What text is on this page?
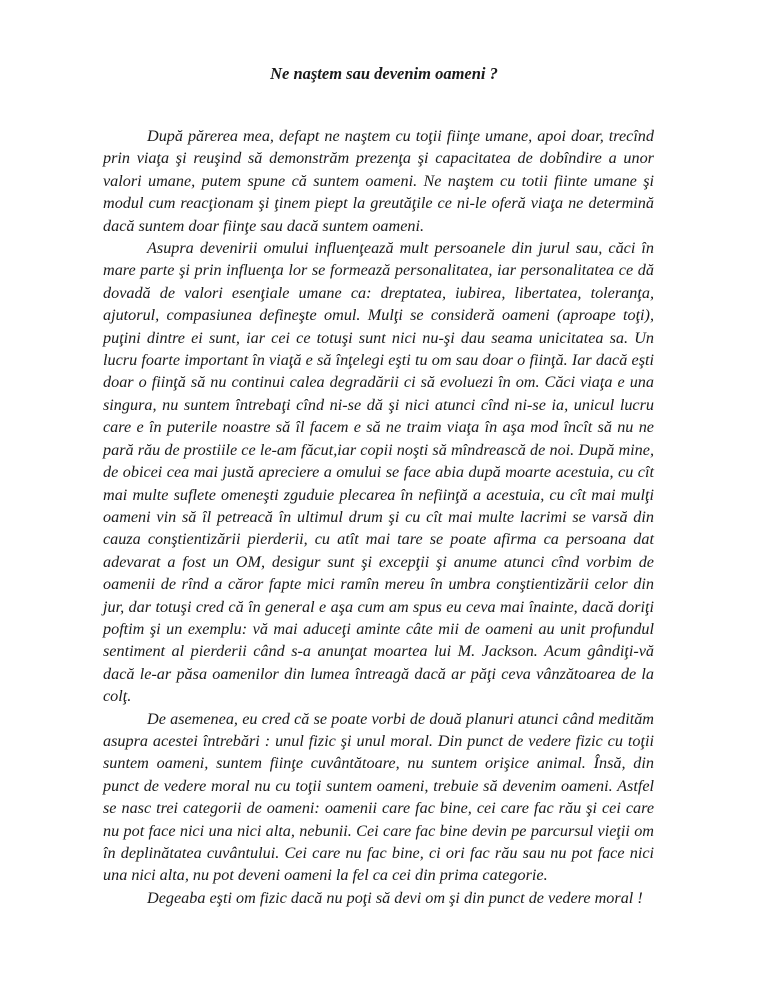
Ne naştem sau devenim oameni ?

După părerea mea, defapt ne naştem cu toţii fiinţe umane, apoi doar, trecînd prin viaţa şi reuşind să demonstrăm prezenţa şi capacitatea de dobîndire a unor valori umane, putem spune că suntem oameni. Ne naştem cu totii fiinte umane şi modul cum reacţionam şi ţinem piept la greutăţile ce ni-le oferă viaţa ne determină dacă suntem doar fiinţe sau dacă suntem oameni.

Asupra devenirii omului influenţează mult persoanele din jurul sau, căci în mare parte şi prin influenţa lor se formează personalitatea, iar personalitatea ce dă dovadă de valori esenţiale umane ca: dreptatea, iubirea, libertatea, toleranţa, ajutorul, compasiunea defineşte omul. Mulţi se consideră oameni (aproape toţi), puţini dintre ei sunt, iar cei ce totuşi sunt nici nu-şi dau seama unicitatea sa. Un lucru foarte important în viaţă e să înţelegi eşti tu om sau doar o fiinţă. Iar dacă eşti doar o fiinţă să nu continui calea degradării ci să evoluezi în om. Căci viaţa e una singura, nu suntem întrebaţi cînd ni-se dă şi nici atunci cînd ni-se ia, unicul lucru care e în puterile noastre să îl facem e să ne traim viaţa în aşa mod încît să nu ne pară rău de prostiile ce le-am făcut,iar copii noşti să mîndrească de noi. După mine, de obicei cea mai justă apreciere a omului se face abia după moarte acestuia, cu cît mai multe suflete omeneşti zguduie plecarea în nefiinţă a acestuia, cu cît mai mulţi oameni vin să îl petreacă în ultimul drum şi cu cît mai multe lacrimi se varsă din cauza conştientizării pierderii, cu atît mai tare se poate afirma ca persoana dat adevarat a fost un OM, desigur sunt şi excepţii şi anume atunci cînd vorbim de oamenii de rînd a căror fapte mici ramîn mereu în umbra conştientizării celor din jur, dar totuşi cred că în general e aşa cum am spus eu ceva mai înainte, dacă doriţi poftim şi un exemplu: vă mai aduceţi aminte câte mii de oameni au unit profundul sentiment al pierderii când s-a anunţat moartea lui M. Jackson. Acum gândiţi-vă dacă le-ar păsa oamenilor din lumea întreagă dacă ar păţi ceva vânzătoarea de la colţ.

De asemenea, eu cred că se poate vorbi de două planuri atunci când medităm asupra acestei întrebări : unul fizic şi unul moral. Din punct de vedere fizic cu toţii suntem oameni, suntem fiinţe cuvântătoare, nu suntem orişice animal. Însă, din punct de vedere moral nu cu toţii suntem oameni, trebuie să devenim oameni. Astfel se nasc trei categorii de oameni: oamenii care fac bine, cei care fac rău şi cei care nu pot face nici una nici alta, nebunii. Cei care fac bine devin pe parcursul vieţii om în deplinătatea cuvântului. Cei care nu fac bine, ci ori fac rău sau nu pot face nici una nici alta, nu pot deveni oameni la fel ca cei din prima categorie.

Degeaba eşti om fizic dacă nu poţi să devi om şi din punct de vedere moral !
